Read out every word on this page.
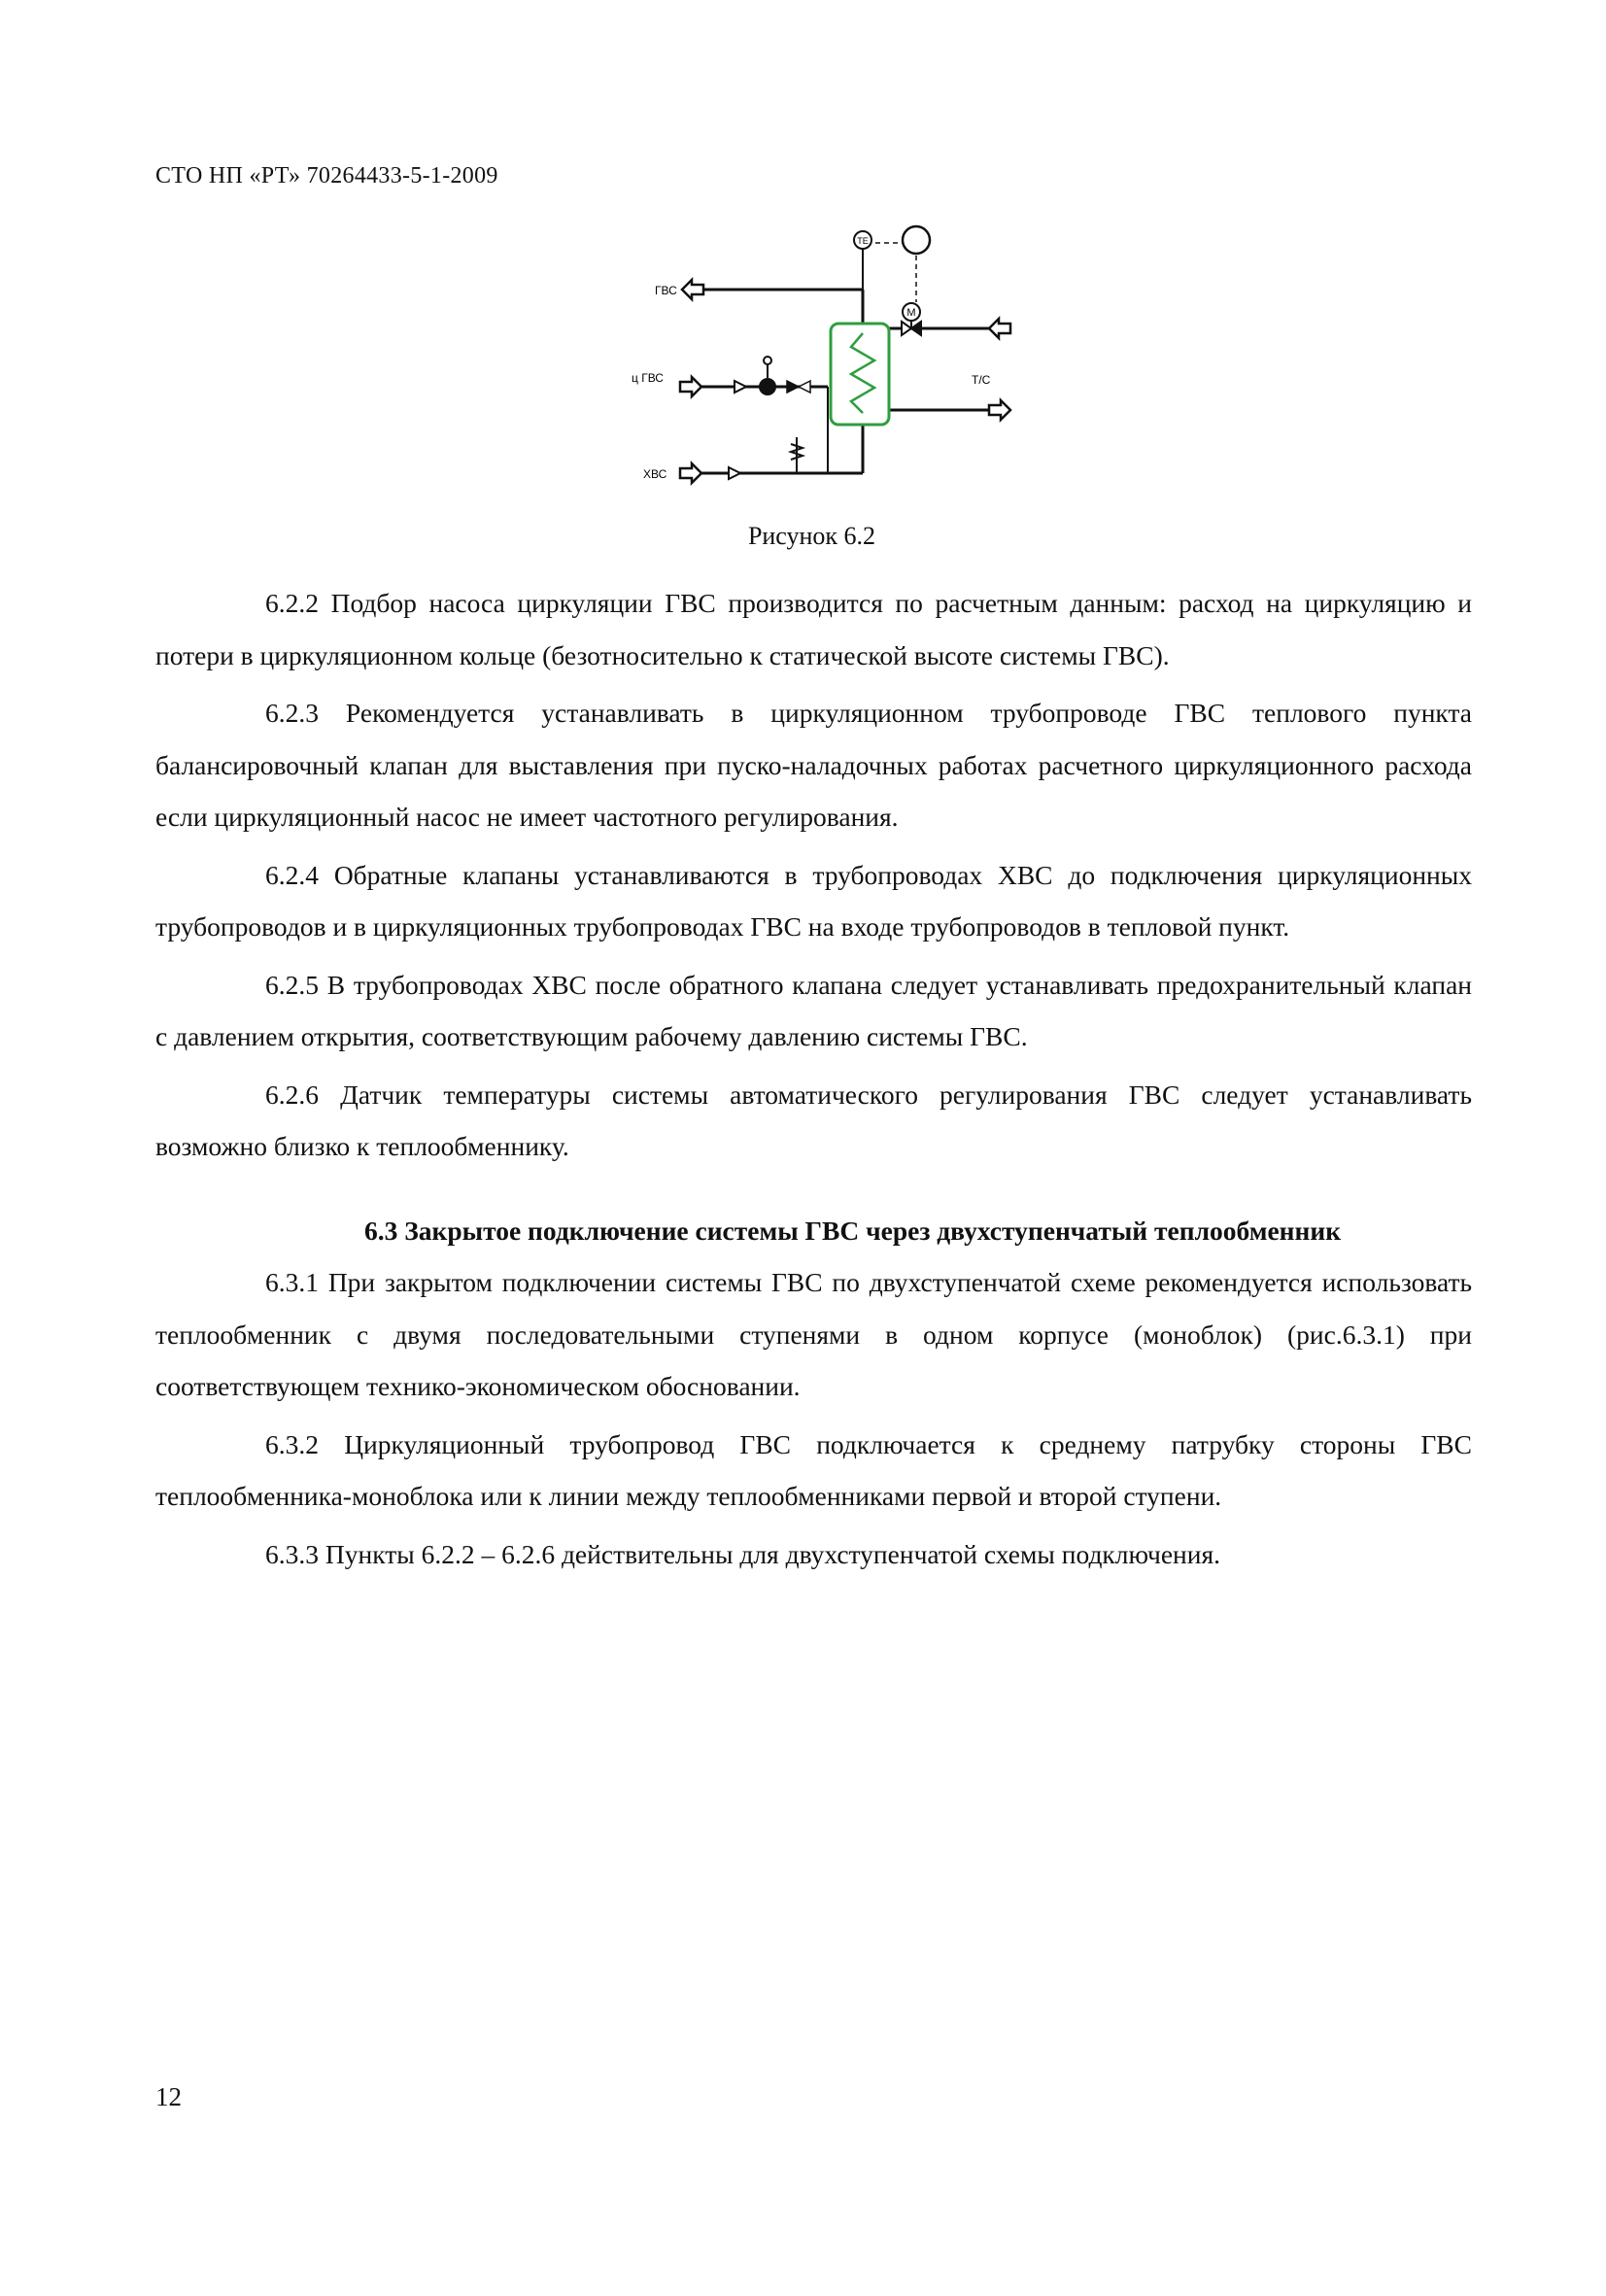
СТО НП «РТ» 70264433-5-1-2009
TE
M
ГВС
ц ГВС
ХВС
Т/С
Рисунок 6.2

6.2.2 Подбор насоса циркуляции ГВС производится по расчетным данным: расход на циркуляцию и потери в циркуляционном кольце (безотносительно к статической высоте системы ГВС).

6.2.3 Рекомендуется устанавливать в циркуляционном трубопроводе ГВС теплового пункта балансировочный клапан для выставления при пуско-наладочных работах расчетного циркуляционного расхода если циркуляционный насос не имеет частотного регулирования.

6.2.4 Обратные клапаны устанавливаются в трубопроводах ХВС до подключения циркуляционных трубопроводов и в циркуляционных трубопроводах ГВС на входе трубопроводов в тепловой пункт.

6.2.5 В трубопроводах ХВС после обратного клапана следует устанавливать предохранительный клапан с давлением открытия, соответствующим рабочему давлению системы ГВС.

6.2.6 Датчик температуры системы автоматического регулирования ГВС следует устанавливать возможно близко к теплообменнику.

6.3 Закрытое подключение системы ГВС через двухступенчатый теплообменник

6.3.1 При закрытом подключении системы ГВС по двухступенчатой схеме рекомендуется использовать теплообменник с двумя последовательными ступенями в одном корпусе (моноблок) (рис.6.3.1) при соответствующем технико-экономическом обосновании.

6.3.2 Циркуляционный трубопровод ГВС подключается к среднему патрубку стороны ГВС теплообменника-моноблока или к линии между теплообменниками первой и второй ступени.

6.3.3 Пункты 6.2.2 – 6.2.6 действительны для двухступенчатой схемы подключения.

12
